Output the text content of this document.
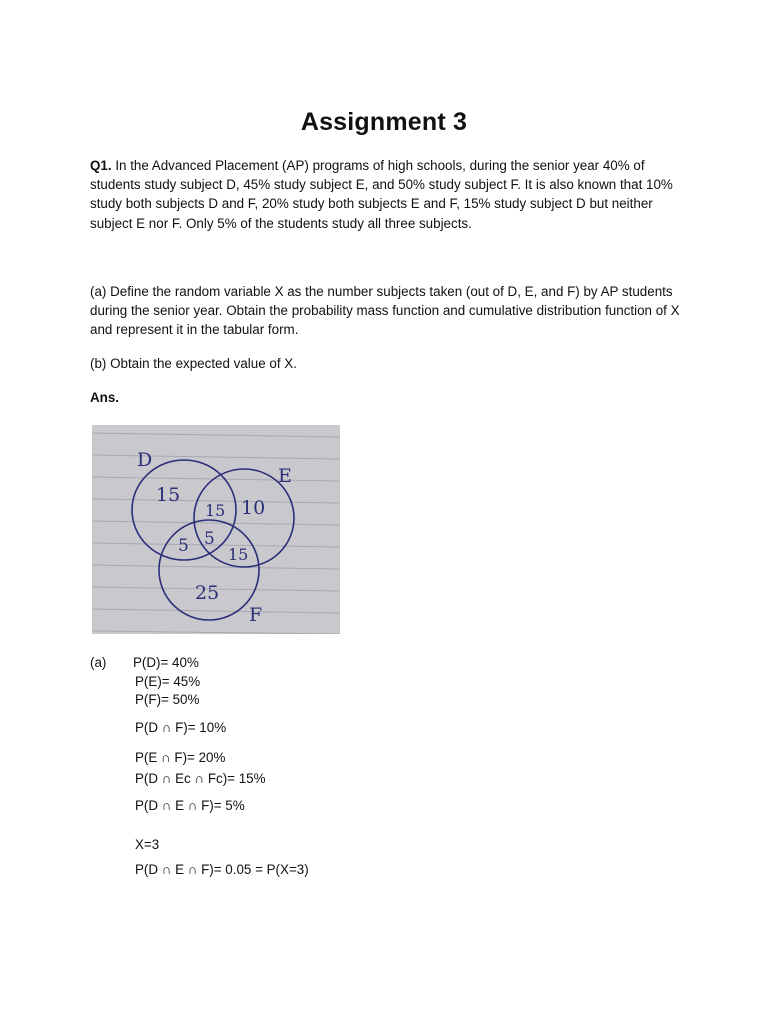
Assignment 3
Q1. In the Advanced Placement (AP) programs of high schools, during the senior year 40% of students study subject D, 45% study subject E, and 50% study subject F. It is also known that 10% study both subjects D and F, 20% study both subjects E and F, 15% study subject D but neither subject E nor F. Only 5% of the students study all three subjects.
(a) Define the random variable X as the number subjects taken (out of D, E, and F) by AP students during the senior year. Obtain the probability mass function and cumulative distribution function of X and represent it in the tabular form.
(b) Obtain the expected value of X.
Ans.
D
E
F
15
15 10
5 5
15
25
(a) P(D)= 40%
P(E)= 45%
P(F)= 50%
P(D ∩ F)= 10%
P(E ∩ F)= 20%
P(D ∩ Ec ∩ Fc)= 15%
P(D ∩ E ∩ F)= 5%
X=3
P(D ∩ E ∩ F)= 0.05 = P(X=3)
